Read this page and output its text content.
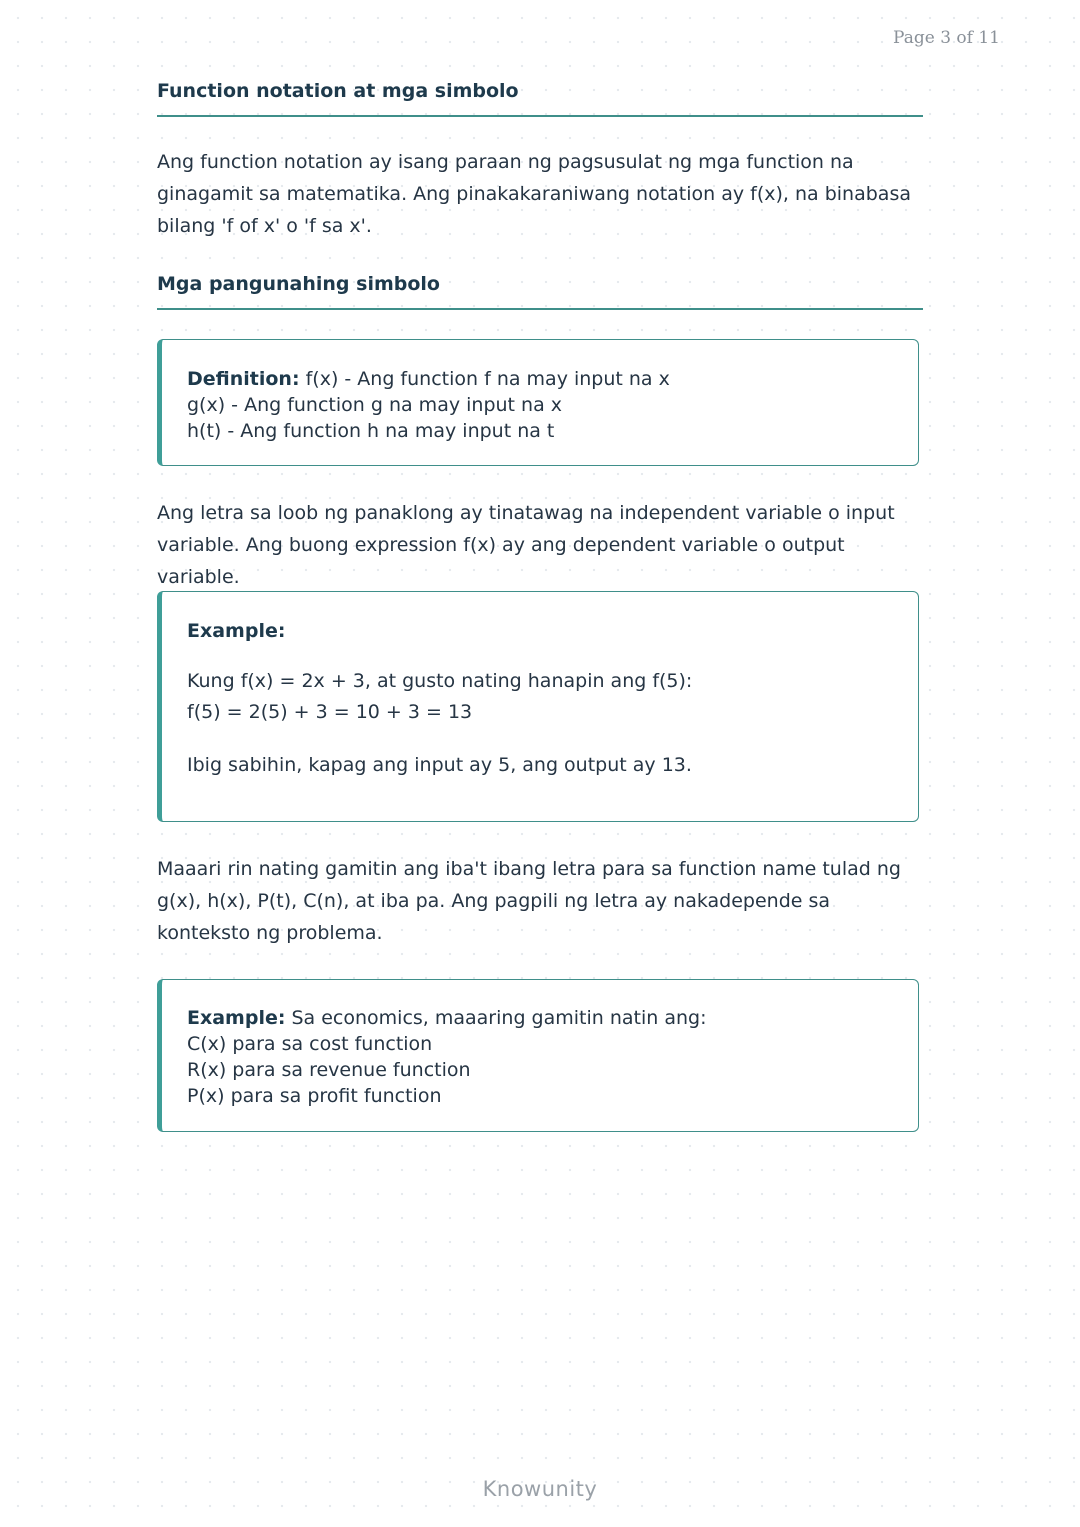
Page 3 of 11
Function notation at mga simbolo
Ang function notation ay isang paraan ng pagsusulat ng mga function na ginagamit sa matematika. Ang pinakakaraniwang notation ay f(x), na binabasa bilang 'f of x' o 'f sa x'.
Mga pangunahing simbolo
Definition: f(x) - Ang function f na may input na x
g(x) - Ang function g na may input na x
h(t) - Ang function h na may input na t
Ang letra sa loob ng panaklong ay tinatawag na independent variable o input variable. Ang buong expression f(x) ay ang dependent variable o output variable.
Example:
Kung f(x) = 2x + 3, at gusto nating hanapin ang f(5):
f(5) = 2(5) + 3 = 10 + 3 = 13
Ibig sabihin, kapag ang input ay 5, ang output ay 13.
Maaari rin nating gamitin ang iba't ibang letra para sa function name tulad ng g(x), h(x), P(t), C(n), at iba pa. Ang pagpili ng letra ay nakadepende sa konteksto ng problema.
Example: Sa economics, maaaring gamitin natin ang:
C(x) para sa cost function
R(x) para sa revenue function
P(x) para sa profit function
Knowunity
